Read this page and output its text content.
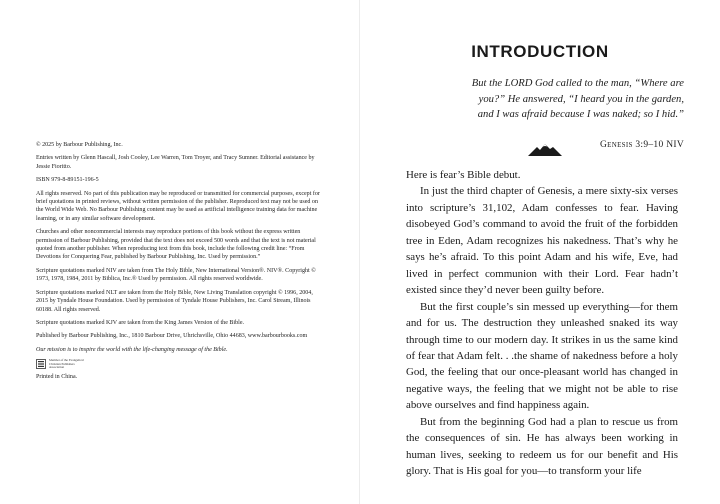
© 2025 by Barbour Publishing, Inc.

Entries written by Glenn Hascall, Josh Cooley, Lee Warren, Tom Troyer, and Tracy Sumner. Editorial assistance by Jessie Fioritto.

ISBN 979-8-89151-196-5

All rights reserved. No part of this publication may be reproduced or transmitted for commercial purposes, except for brief quotations in printed reviews, without written permission of the publisher. Reproduced text may not be used on the World Wide Web. No Barbour Publishing content may be used as artificial intelligence training data for machine learning, or in any similar software development.

Churches and other noncommercial interests may reproduce portions of this book without the express written permission of Barbour Publishing, provided that the text does not exceed 500 words and that the text is not material quoted from another publisher. When reproducing text from this book, include the following credit line: “From Devotions for Conquering Fear, published by Barbour Publishing, Inc. Used by permission.”

Scripture quotations marked NIV are taken from The Holy Bible, New International Version®. NIV®. Copyright © 1973, 1978, 1984, 2011 by Biblica, Inc.® Used by permission. All rights reserved worldwide.

Scripture quotations marked NLT are taken from the Holy Bible, New Living Translation copyright © 1996, 2004, 2015 by Tyndale House Foundation. Used by permission of Tyndale House Publishers, Inc. Carol Stream, Illinois 60188. All rights reserved.

Scripture quotations marked KJV are taken from the King James Version of the Bible.

Published by Barbour Publishing, Inc., 1810 Barbour Drive, Uhrichsville, Ohio 44683, www.barbourbooks.com

Our mission is to inspire the world with the life-changing message of the Bible.

Member of the Evangelical Christian Publishers Association

Printed in China.

INTRODUCTION

But the LORD God called to the man, “Where are

you?” He answered, “I heard you in the garden,

and I was afraid because I was naked; so I hid.”

Genesis 3:9–10 NIV

Here is fear’s Bible debut.

In just the third chapter of Genesis, a mere sixty-six verses into scripture’s 31,102, Adam confesses to fear. Having disobeyed God’s command to avoid the fruit of the forbidden tree in Eden, Adam recognizes his nakedness. That’s why he says he’s afraid. To this point Adam and his wife, Eve, had lived in perfect communion with their Lord. Fear hadn’t existed since they’d never been guilty before.

But the first couple’s sin messed up everything—for them and for us. The destruction they unleashed snaked its way through time to our modern day. It strikes in us the same kind of fear that Adam felt. . .the shame of nakedness before a holy God, the feeling that our once-pleasant world has changed in negative ways, the feeling that we might not be able to rise above ourselves and find happiness again.

But from the beginning God had a plan to rescue us from the consequences of sin. He has always been working in human lives, seeking to redeem us for our benefit and His glory. That is His goal for you—to transform your life
